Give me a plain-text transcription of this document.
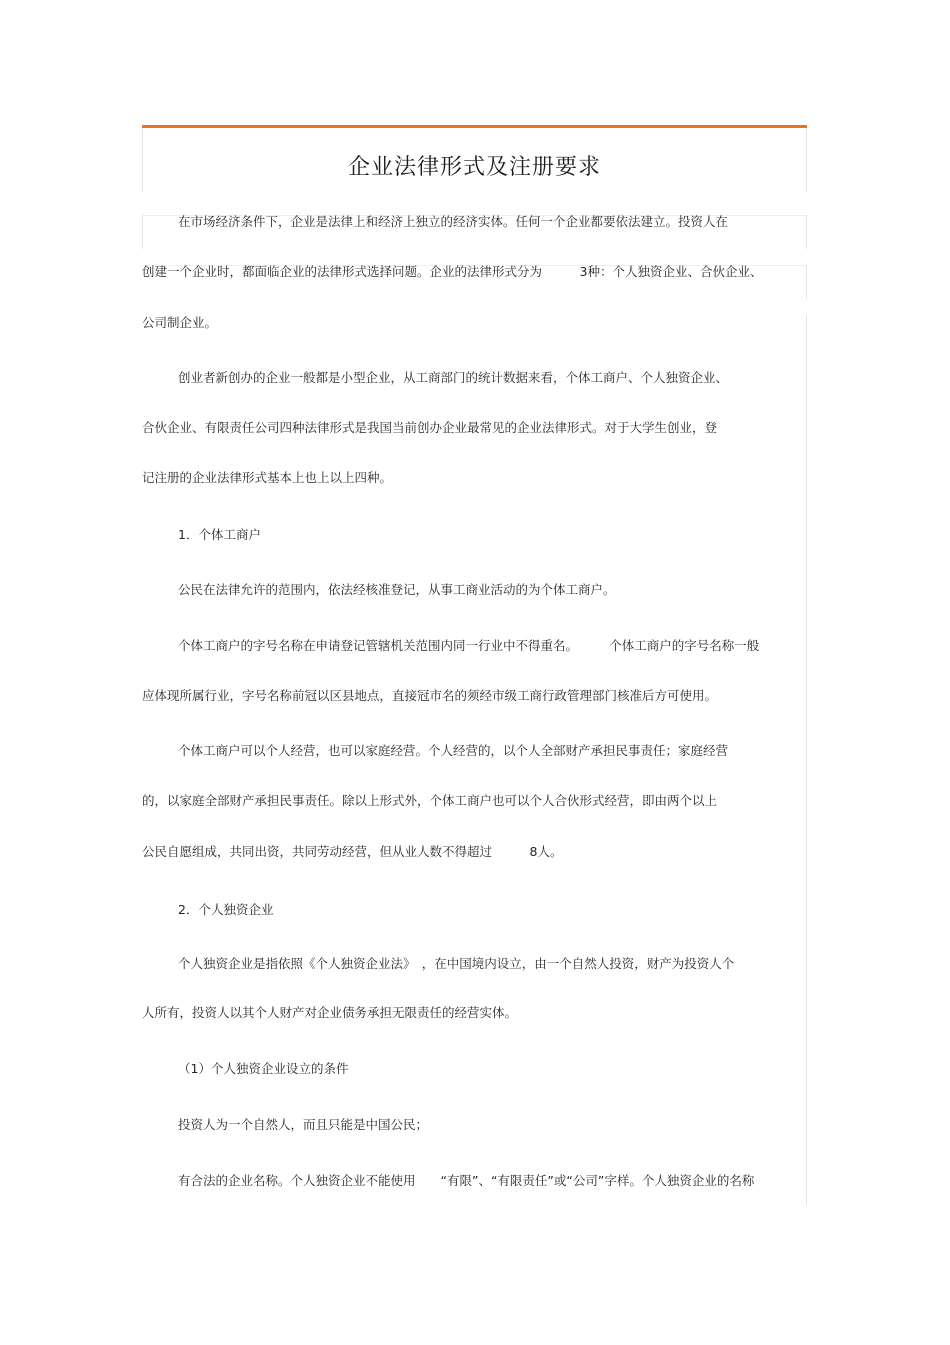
企业法律形式及注册要求
在市场经济条件下，企业是法律上和经济上独立的经济实体。任何一个企业都要依法建立。投资人在
创建一个企业时，都面临企业的法律形式选择问题。企业的法律形式分为　　　3种：个人独资企业、合伙企业、
公司制企业。
创业者新创办的企业一般都是小型企业，从工商部门的统计数据来看，个体工商户、个人独资企业、
合伙企业、有限责任公司四种法律形式是我国当前创办企业最常见的企业法律形式。对于大学生创业，登
记注册的企业法律形式基本上也上以上四种。
1．个体工商户
公民在法律允许的范围内，依法经核准登记，从事工商业活动的为个体工商户。
个体工商户的字号名称在申请登记管辖机关范围内同一行业中不得重名。　　　个体工商户的字号名称一般
应体现所属行业，字号名称前冠以区县地点，直接冠市名的须经市级工商行政管理部门核准后方可使用。
个体工商户可以个人经营，也可以家庭经营。个人经营的，以个人全部财产承担民事责任；家庭经营
的，以家庭全部财产承担民事责任。除以上形式外，个体工商户也可以个人合伙形式经营，即由两个以上
公民自愿组成，共同出资，共同劳动经营，但从业人数不得超过　　　8人。
2．个人独资企业
个人独资企业是指依照《个人独资企业法》　，在中国境内设立，由一个自然人投资，财产为投资人个
人所有，投资人以其个人财产对企业债务承担无限责任的经营实体。
（1）个人独资企业设立的条件
投资人为一个自然人，而且只能是中国公民；
有合法的企业名称。个人独资企业不能使用　　“有限”、“有限责任”或“公司”字样。个人独资企业的名称
